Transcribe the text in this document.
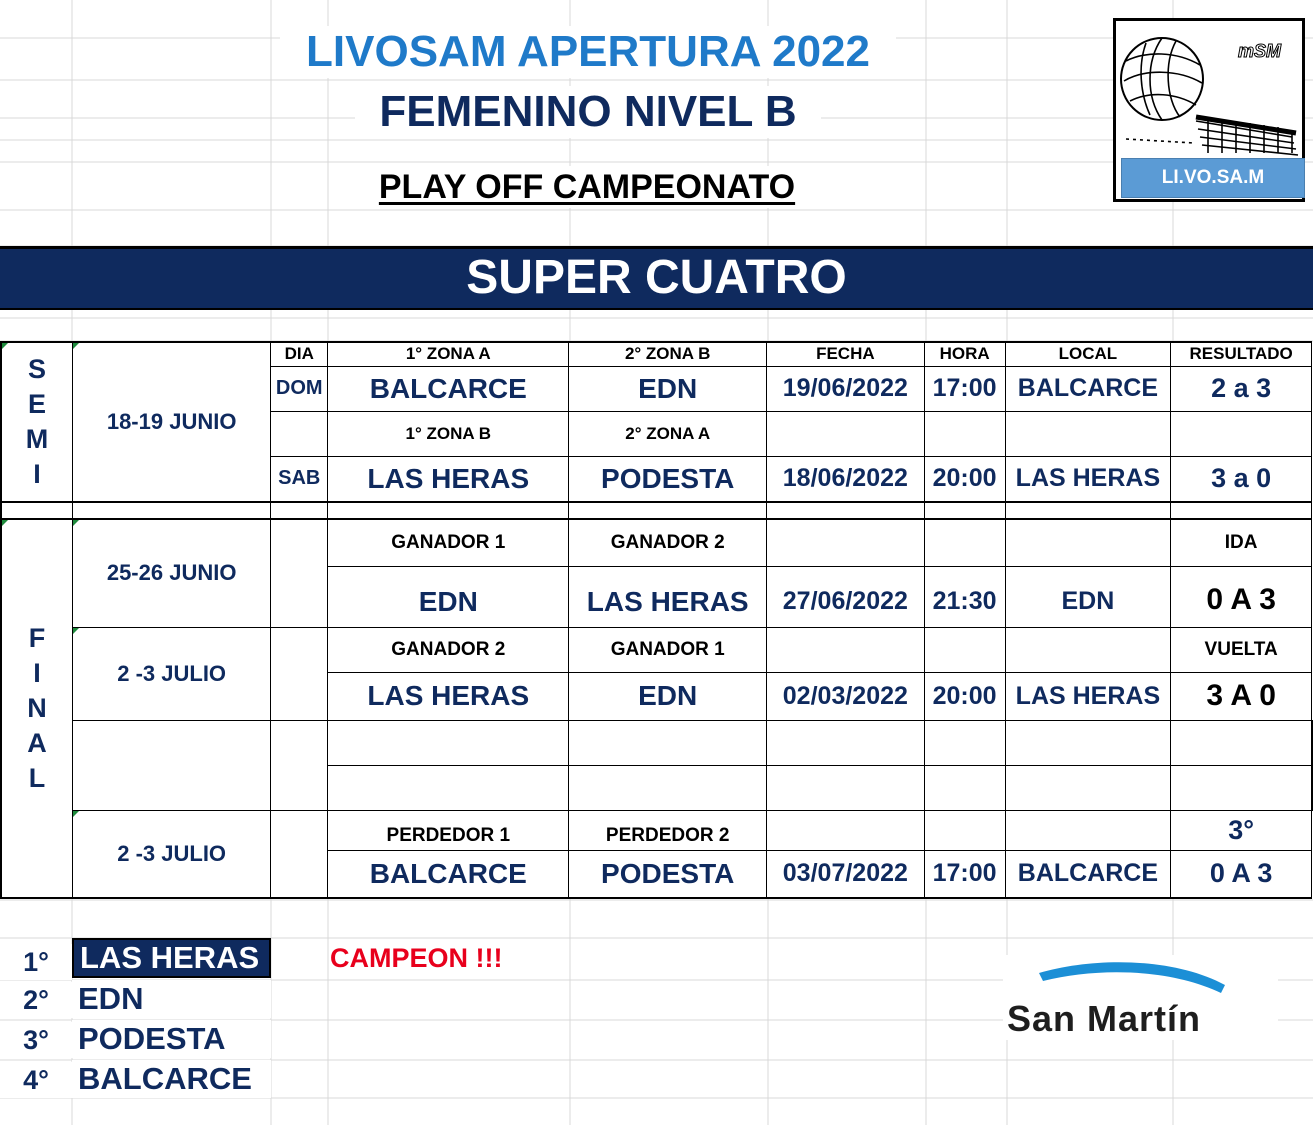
LIVOSAM APERTURA 2022
FEMENINO NIVEL B
PLAY OFF CAMPEONATO
mSM
LI.VO.SA.M
SUPER CUATRO
S
E
M
I	18-19 JUNIO	DIA	1° ZONA A	2° ZONA B	FECHA	HORA	LOCAL	RESULTADO	
		DOM	BALCARCE	EDN	19/06/2022	17:00	BALCARCE	2 a 3	
			1° ZONA B	2° ZONA A					
		SAB	LAS HERAS	PODESTA	18/06/2022	20:00	LAS HERAS	3 a 0	

F
I
N
A
L	25-26 JUNIO		GANADOR 1	GANADOR 2				IDA	
			EDN	LAS HERAS	27/06/2022	21:30	EDN	0 A 3	
	2 -3 JULIO		GANADOR 2	GANADOR 1				VUELTA	
			LAS HERAS	EDN	02/03/2022	20:00	LAS HERAS	3 A 0	

	2 -3 JULIO		PERDEDOR 1	PERDEDOR 2				3°	
			BALCARCE	PODESTA	03/07/2022	17:00	BALCARCE	0 A 3	
1°	LAS HERAS
2° EDN
3° PODESTA
4° BALCARCE
CAMPEON !!!
San Martín
